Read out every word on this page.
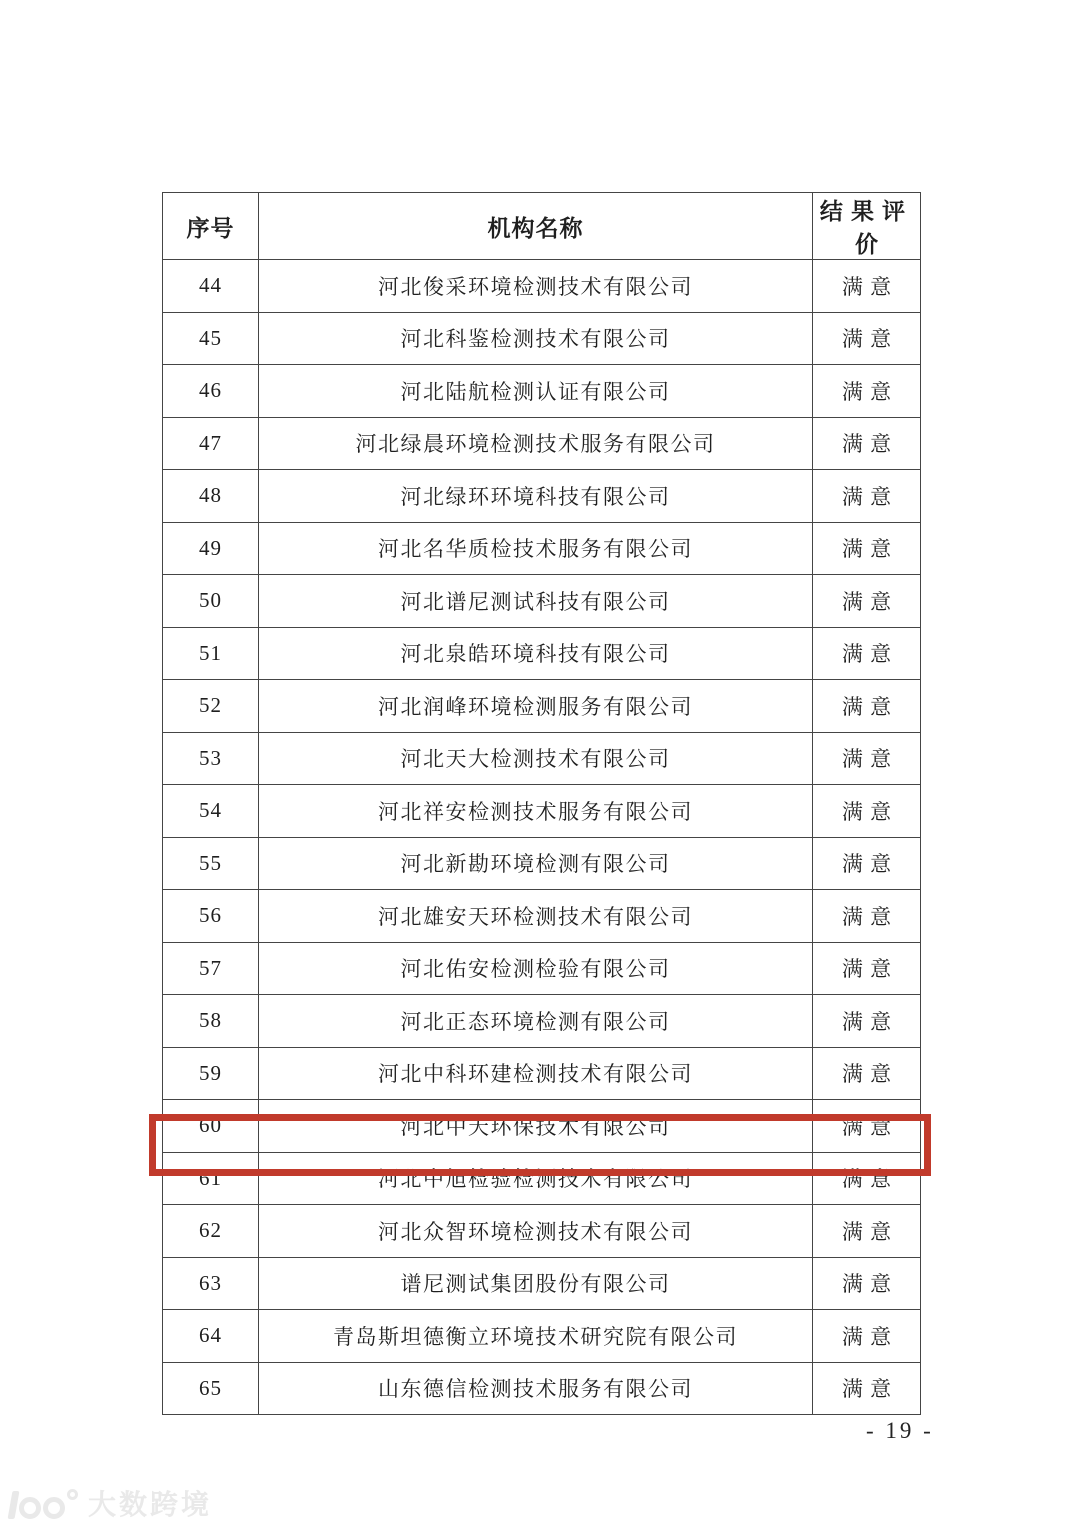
序号	机构名称	结果评价
44	河北俊采环境检测技术有限公司	满意
45	河北科鉴检测技术有限公司	满意
46	河北陆航检测认证有限公司	满意
47	河北绿晨环境检测技术服务有限公司	满意
48	河北绿环环境科技有限公司	满意
49	河北名华质检技术服务有限公司	满意
50	河北谱尼测试科技有限公司	满意
51	河北泉皓环境科技有限公司	满意
52	河北润峰环境检测服务有限公司	满意
53	河北天大检测技术有限公司	满意
54	河北祥安检测技术服务有限公司	满意
55	河北新勘环境检测有限公司	满意
56	河北雄安天环检测技术有限公司	满意
57	河北佑安检测检验有限公司	满意
58	河北正态环境检测有限公司	满意
59	河北中科环建检测技术有限公司	满意
60	河北中天环保技术有限公司	满意
61	河北中旭检验检测技术有限公司	满意
62	河北众智环境检测技术有限公司	满意
63	谱尼测试集团股份有限公司	满意
64	青岛斯坦德衡立环境技术研究院有限公司	满意
65	山东德信检测技术服务有限公司	满意
- 19 -
大数跨境
